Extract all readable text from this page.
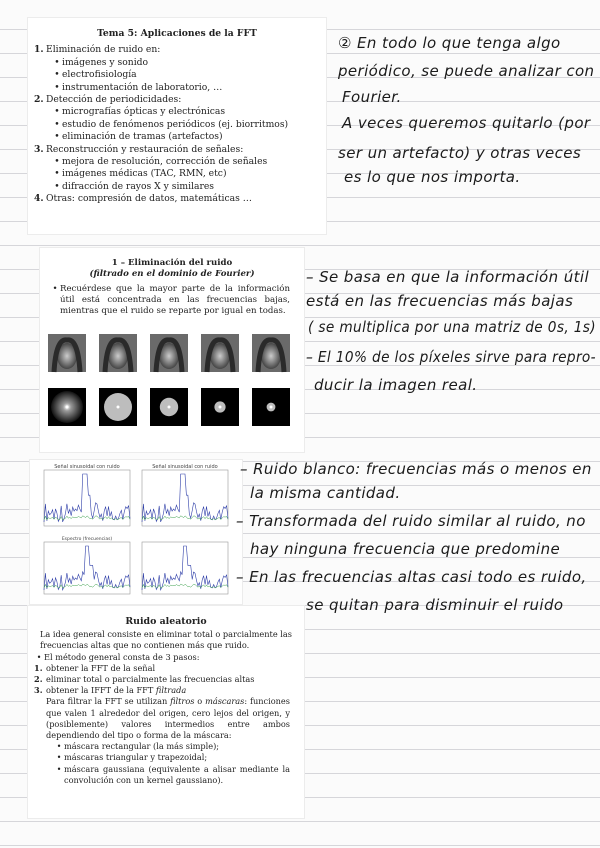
Tema 5: Aplicaciones de la FFT
1. Eliminación de ruido en:
• imágenes y sonido
• electrofisiología
• instrumentación de laboratorio, …
2. Detección de periodicidades:
• micrografías ópticas y electrónicas
• estudio de fenómenos periódicos (ej. biorritmos)
• eliminación de tramas (artefactos)
3. Reconstrucción y restauración de señales:
• mejora de resolución, corrección de señales
• imágenes médicas (TAC, RMN, etc)
• difracción de rayos X y similares
4. Otras: compresión de datos, matemáticas …
1 – Eliminación del ruido
(filtrado en el dominio de Fourier)
• Recuérdese que la mayor parte de la información útil está concentrada en las frecuencias bajas, mientras que el ruido se reparte por igual en todas.
Señal sinusoidal con ruido	Señal sinusoidal con ruido
Espectro (frecuencias)
Ruido aleatorio
La idea general consiste en eliminar total o parcialmente las frecuencias altas que no contienen más que ruido.
• El método general consta de 3 pasos:
1. obtener la FFT de la señal
2. eliminar total o parcialmente las frecuencias altas
3. obtener la IFFT de la FFT filtrada
Para filtrar la FFT se utilizan filtros o máscaras: funciones que valen 1 alrededor del origen, cero lejos del origen, y (posiblemente) valores intermedios entre ambos dependiendo del tipo o forma de la máscara:
• máscara rectangular (la más simple);
• máscaras triangular y trapezoidal;
• máscara gaussiana (equivalente a alisar mediante la convolución con un kernel gaussiano).
② En todo lo que tenga algo
periódico, se puede analizar con
Fourier.
A veces queremos quitarlo (por
ser un artefacto) y otras veces
es lo que nos importa.
– Se basa en que la información útil
está en las frecuencias más bajas
( se multiplica por una matriz de 0s, 1s)
– El 10% de los píxeles sirve para repro-
ducir la imagen real.
– Ruido blanco: frecuencias más o menos en
la misma cantidad.
– Transformada del ruido similar al ruido, no
hay ninguna frecuencia que predomine
– En las frecuencias altas casi todo es ruido,
se quitan para disminuir el ruido
